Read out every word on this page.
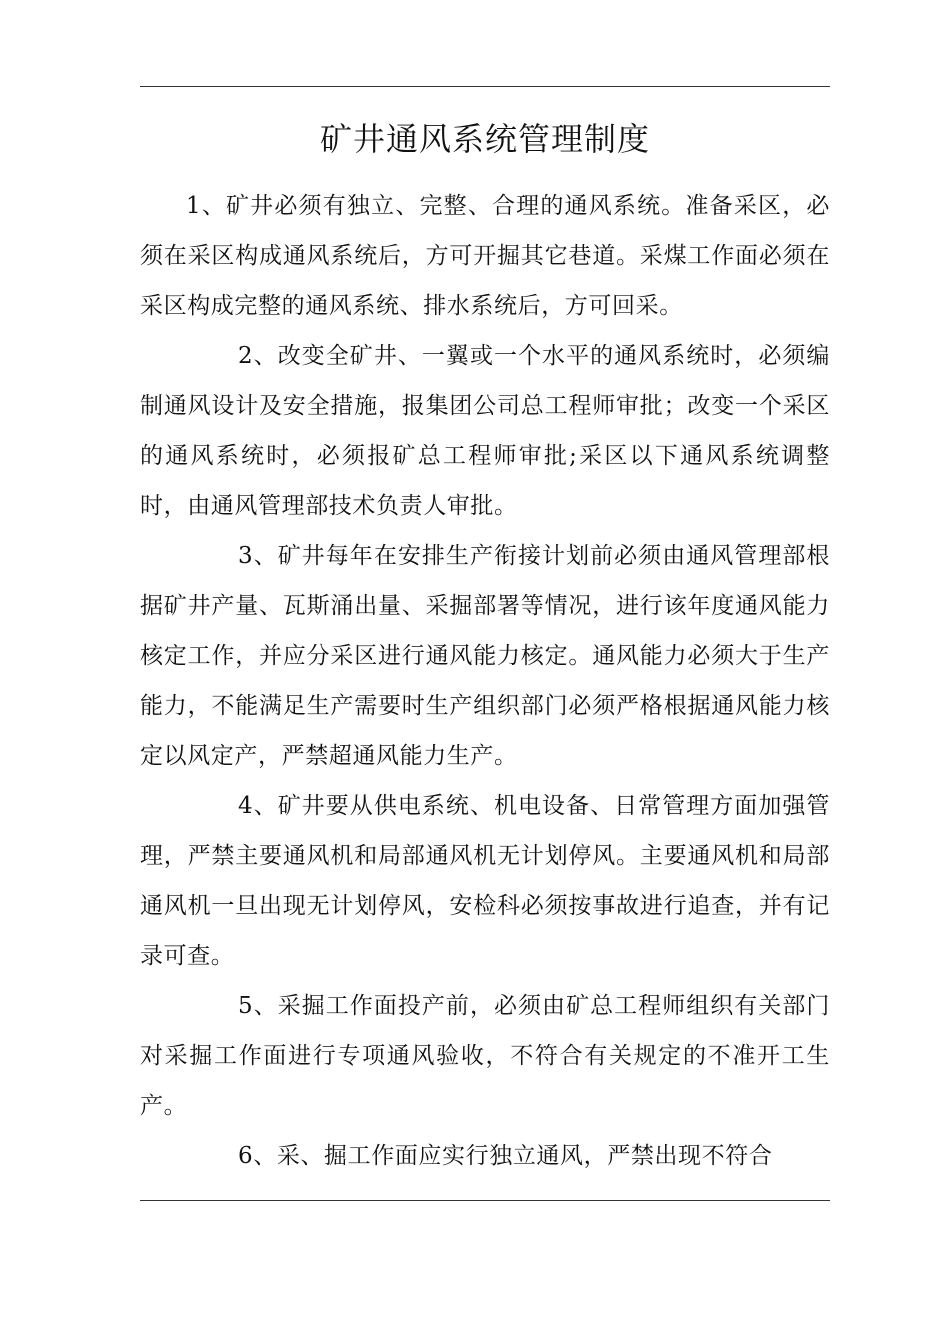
矿井通风系统管理制度

1、矿井必须有独立、完整、合理的通风系统。准备采区，必须在采区构成通风系统后，方可开掘其它巷道。采煤工作面必须在采区构成完整的通风系统、排水系统后，方可回采。

2、改变全矿井、一翼或一个水平的通风系统时，必须编制通风设计及安全措施，报集团公司总工程师审批；改变一个采区的通风系统时，必须报矿总工程师审批;采区以下通风系统调整时，由通风管理部技术负责人审批。

3、矿井每年在安排生产衔接计划前必须由通风管理部根据矿井产量、瓦斯涌出量、采掘部署等情况，进行该年度通风能力核定工作，并应分采区进行通风能力核定。通风能力必须大于生产能力，不能满足生产需要时生产组织部门必须严格根据通风能力核定以风定产，严禁超通风能力生产。

4、矿井要从供电系统、机电设备、日常管理方面加强管理，严禁主要通风机和局部通风机无计划停风。主要通风机和局部通风机一旦出现无计划停风，安检科必须按事故进行追查，并有记录可查。

5、采掘工作面投产前，必须由矿总工程师组织有关部门对采掘工作面进行专项通风验收，不符合有关规定的不准开工生产。

6、采、掘工作面应实行独立通风，严禁出现不符合
